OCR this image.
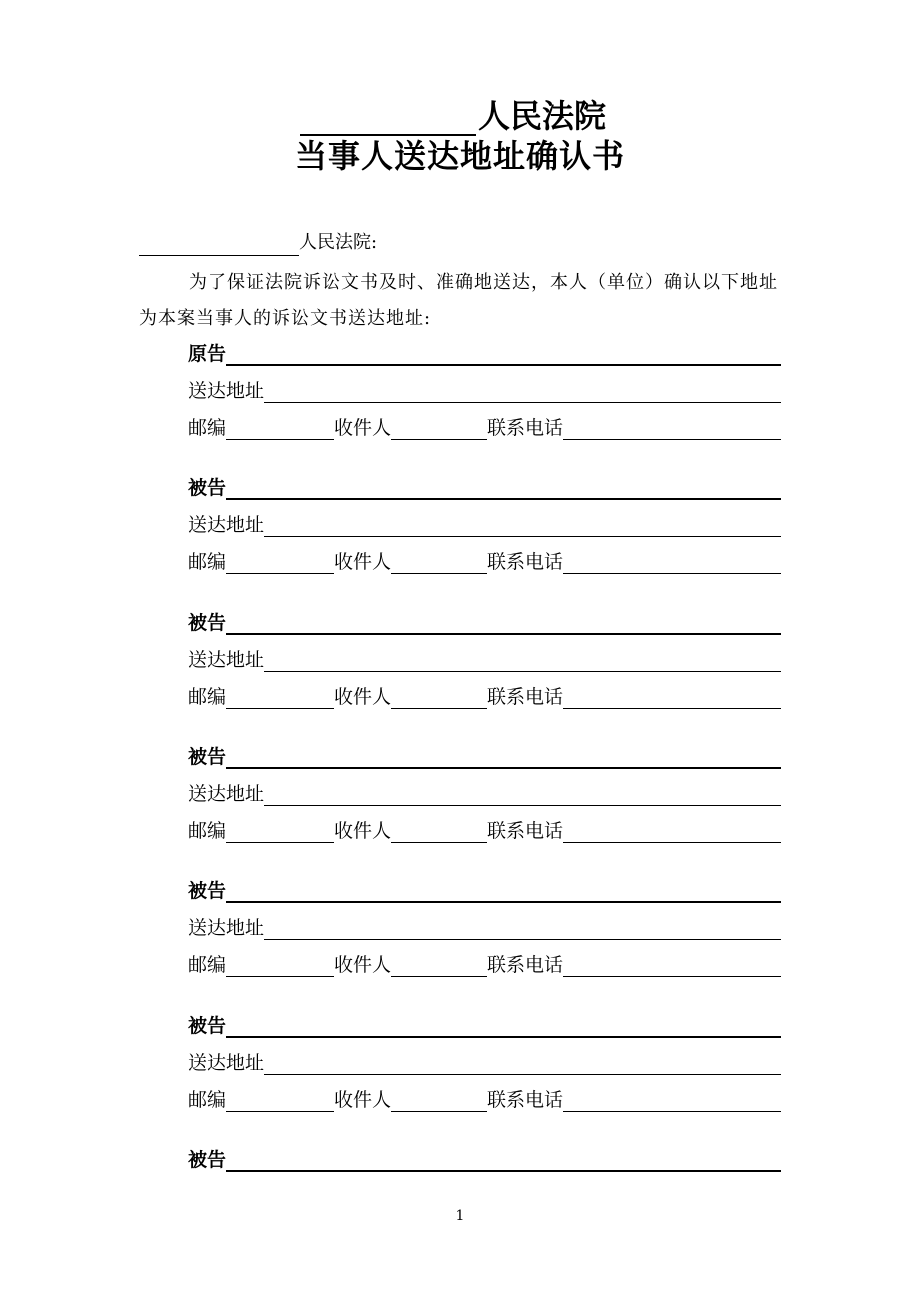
人民法院
当事人送达地址确认书
人民法院:
为了保证法院诉讼文书及时、准确地送达，本人（单位）确认以下地址为本案当事人的诉讼文书送达地址:
原告
送达地址
邮编	收件人	联系电话
被告
送达地址
邮编	收件人	联系电话
被告
送达地址
邮编	收件人	联系电话
被告
送达地址
邮编	收件人	联系电话
被告
送达地址
邮编	收件人	联系电话
被告
送达地址
邮编	收件人	联系电话
被告
1
